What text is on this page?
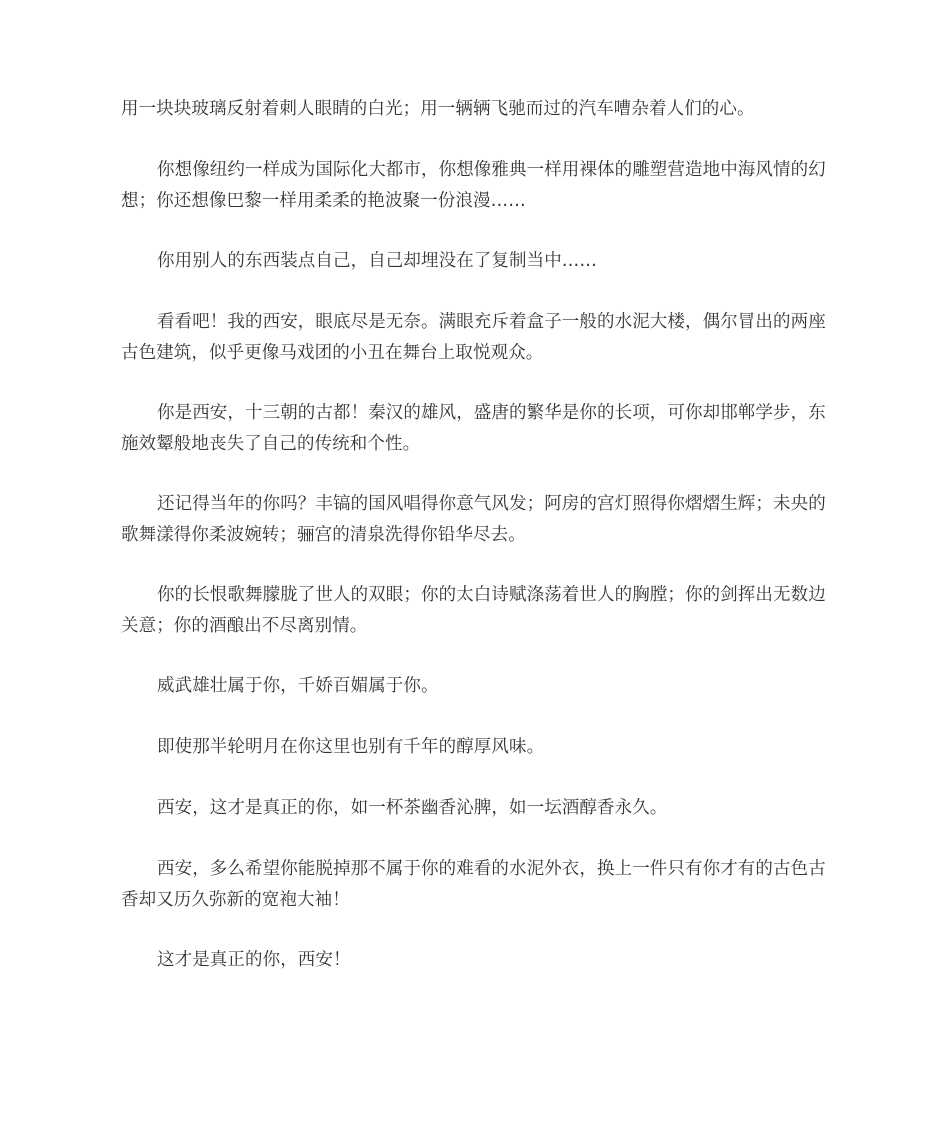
用一块块玻璃反射着刺人眼睛的白光；用一辆辆飞驰而过的汽车嘈杂着人们的心。

你想像纽约一样成为国际化大都市，你想像雅典一样用裸体的雕塑营造地中海风情的幻想；你还想像巴黎一样用柔柔的艳波聚一份浪漫……

你用别人的东西装点自己，自己却埋没在了复制当中……

看看吧！我的西安，眼底尽是无奈。满眼充斥着盒子一般的水泥大楼，偶尔冒出的两座古色建筑，似乎更像马戏团的小丑在舞台上取悦观众。

你是西安，十三朝的古都！秦汉的雄风，盛唐的繁华是你的长项，可你却邯郸学步，东施效颦般地丧失了自己的传统和个性。

还记得当年的你吗？丰镐的国风唱得你意气风发；阿房的宫灯照得你熠熠生辉；未央的歌舞漾得你柔波婉转；骊宫的清泉洗得你铅华尽去。

你的长恨歌舞朦胧了世人的双眼；你的太白诗赋涤荡着世人的胸膛；你的剑挥出无数边关意；你的酒酿出不尽离别情。

威武雄壮属于你，千娇百媚属于你。

即使那半轮明月在你这里也别有千年的醇厚风味。

西安，这才是真正的你，如一杯茶幽香沁脾，如一坛酒醇香永久。

西安，多么希望你能脱掉那不属于你的难看的水泥外衣，换上一件只有你才有的古色古香却又历久弥新的宽袍大袖！

这才是真正的你，西安！
